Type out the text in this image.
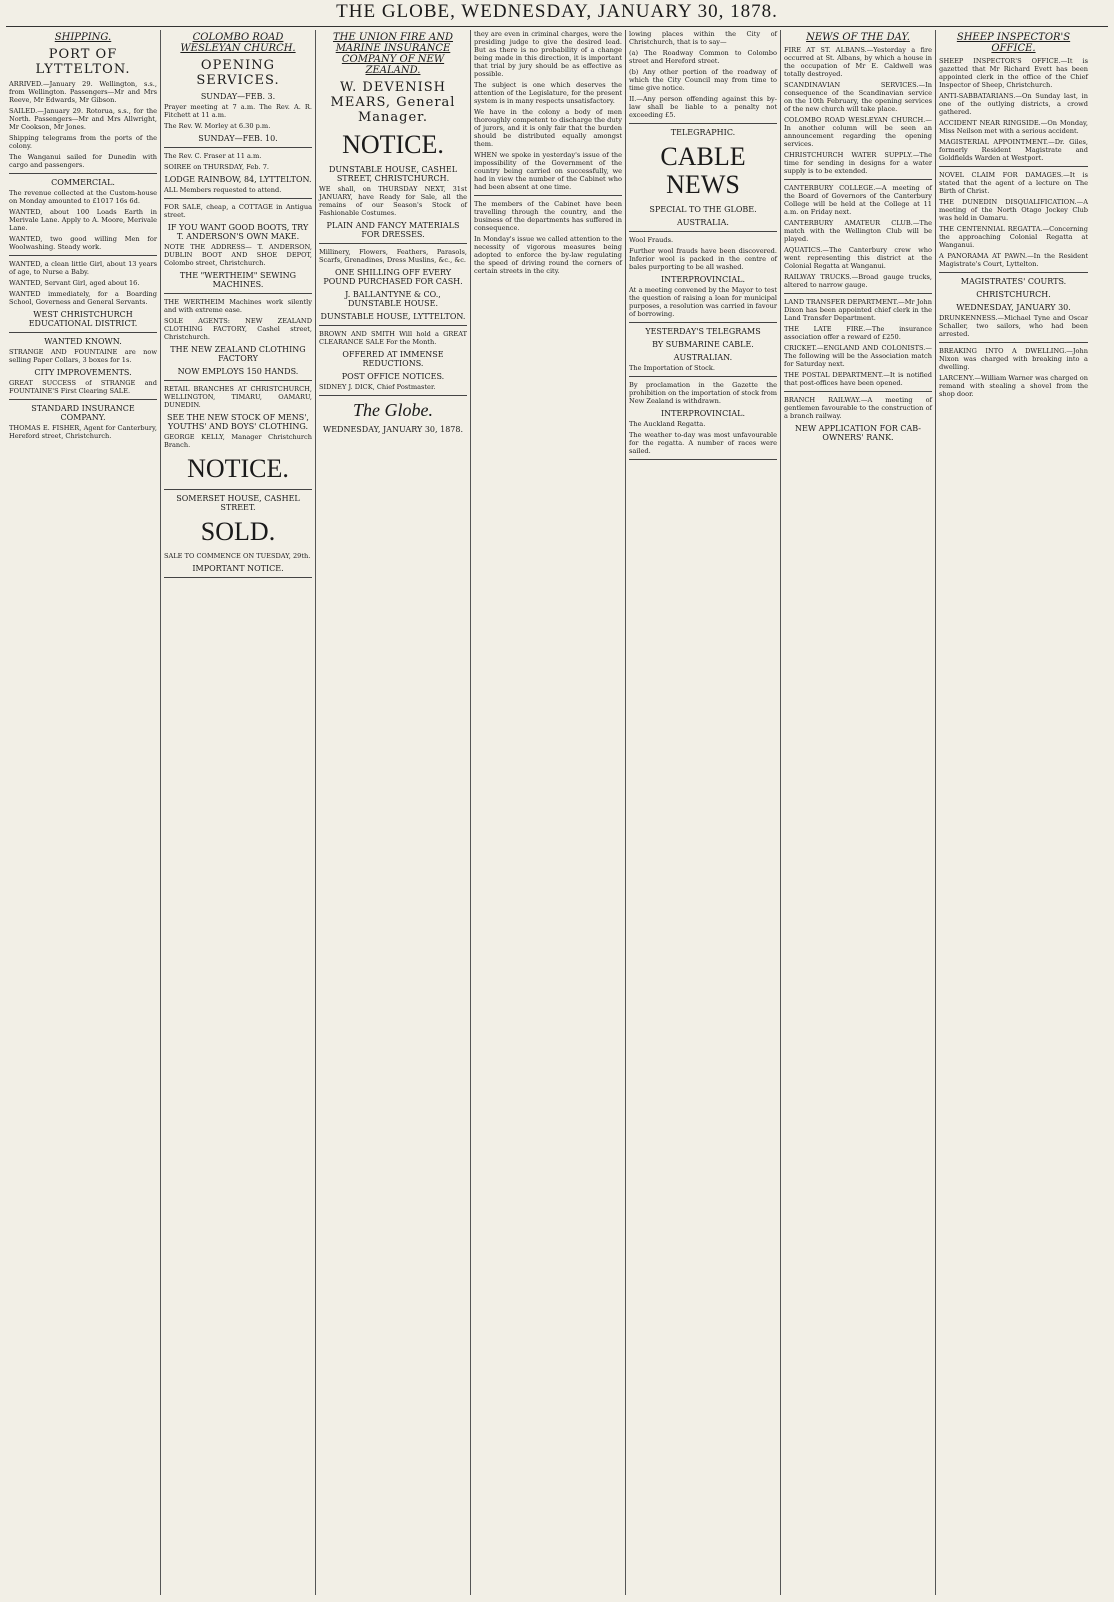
THE GLOBE, WEDNESDAY, JANUARY 30, 1878.
SHIPPING.
PORT OF LYTTELTON.

ARRIVED.—January 29. Wellington, s.s., from Wellington. Passengers—Mr and Mrs Reeve, Mr Edwards, Mr Gibson.

SAILED.—January 29. Rotorua, s.s., for the North. Passengers—Mr and Mrs Allwright, Mr Cookson, Mr Jones.

Shipping telegrams from the ports of the colony.

The Wanganui sailed for Dunedin with cargo and passengers.

COMMERCIAL.

The revenue collected at the Custom-house on Monday amounted to £1017 16s 6d.

WANTED, about 100 Loads Earth in Merivale Lane. Apply to A. Moore, Merivale Lane.

WANTED, two good willing Men for Woolwashing. Steady work.

WANTED, a clean little Girl, about 13 years of age, to Nurse a Baby.

WANTED, Servant Girl, aged about 16.

WANTED immediately, for a Boarding School, Governess and General Servants.

WEST CHRISTCHURCH EDUCATIONAL DISTRICT.
WANTED KNOWN.

STRANGE AND FOUNTAINE are now selling Paper Collars, 3 boxes for 1s.

CITY IMPROVEMENTS.

GREAT SUCCESS of STRANGE and FOUNTAINE'S First Clearing SALE.

STANDARD INSURANCE COMPANY.

THOMAS E. FISHER, Agent for Canterbury, Hereford street, Christchurch.

COLOMBO ROAD WESLEYAN CHURCH.
OPENING SERVICES.
SUNDAY—FEB. 3.

Prayer meeting at 7 a.m. The Rev. A. R. Fitchett at 11 a.m.

The Rev. W. Morley at 6.30 p.m.

SUNDAY—FEB. 10.

The Rev. C. Fraser at 11 a.m.

SOIREE on THURSDAY, Feb. 7.

LODGE RAINBOW, 84, LYTTELTON.

ALL Members requested to attend.

FOR SALE, cheap, a COTTAGE in Antigua street.

IF YOU WANT GOOD BOOTS, TRY T. ANDERSON'S OWN MAKE.

NOTE THE ADDRESS— T. ANDERSON, DUBLIN BOOT AND SHOE DEPOT, Colombo street, Christchurch.

THE "WERTHEIM" SEWING MACHINES.

THE WERTHEIM Machines work silently and with extreme ease.

SOLE AGENTS: NEW ZEALAND CLOTHING FACTORY, Cashel street, Christchurch.

THE NEW ZEALAND CLOTHING FACTORY
NOW EMPLOYS 150 HANDS.

RETAIL BRANCHES AT CHRISTCHURCH, WELLINGTON, TIMARU, OAMARU, DUNEDIN.

SEE THE NEW STOCK OF MENS', YOUTHS' AND BOYS' CLOTHING.

GEORGE KELLY, Manager Christchurch Branch.

NOTICE.
SOMERSET HOUSE, CASHEL STREET.
SOLD.

SALE TO COMMENCE ON TUESDAY, 29th.

IMPORTANT NOTICE.
THE UNION FIRE AND MARINE INSURANCE COMPANY OF NEW ZEALAND.
W. DEVENISH MEARS, General Manager.
NOTICE.
DUNSTABLE HOUSE, CASHEL STREET, CHRISTCHURCH.

WE shall, on THURSDAY NEXT, 31st JANUARY, have Ready for Sale, all the remains of our Season's Stock of Fashionable Costumes.

PLAIN AND FANCY MATERIALS FOR DRESSES.

Millinery, Flowers, Feathers, Parasols, Scarfs, Grenadines, Dress Muslins, &c., &c.

ONE SHILLING OFF EVERY POUND PURCHASED FOR CASH.
J. BALLANTYNE & CO., DUNSTABLE HOUSE.
DUNSTABLE HOUSE, LYTTELTON.

BROWN AND SMITH Will hold a GREAT CLEARANCE SALE For the Month.

OFFERED AT IMMENSE REDUCTIONS.
POST OFFICE NOTICES.

SIDNEY J. DICK, Chief Postmaster.

The Globe.
WEDNESDAY, JANUARY 30, 1878.

they are even in criminal charges, were the presiding judge to give the desired lead. But as there is no probability of a change being made in this direction, it is important that trial by jury should be as effective as possible.

The subject is one which deserves the attention of the Legislature, for the present system is in many respects unsatisfactory.

We have in the colony a body of men thoroughly competent to discharge the duty of jurors, and it is only fair that the burden should be distributed equally amongst them.

WHEN we spoke in yesterday's issue of the impossibility of the Government of the country being carried on successfully, we had in view the number of the Cabinet who had been absent at one time.

The members of the Cabinet have been travelling through the country, and the business of the departments has suffered in consequence.

In Monday's issue we called attention to the necessity of vigorous measures being adopted to enforce the by-law regulating the speed of driving round the corners of certain streets in the city.

lowing places within the City of Christchurch, that is to say—

(a) The Roadway Common to Colombo street and Hereford street.

(b) Any other portion of the roadway of which the City Council may from time to time give notice.

II.—Any person offending against this by-law shall be liable to a penalty not exceeding £5.

TELEGRAPHIC.
CABLE NEWS
SPECIAL TO THE GLOBE.
AUSTRALIA.

Wool Frauds.

Further wool frauds have been discovered. Inferior wool is packed in the centre of bales purporting to be all washed.

INTERPROVINCIAL.

At a meeting convened by the Mayor to test the question of raising a loan for municipal purposes, a resolution was carried in favour of borrowing.

YESTERDAY'S TELEGRAMS
BY SUBMARINE CABLE.
AUSTRALIAN.

The Importation of Stock.

By proclamation in the Gazette the prohibition on the importation of stock from New Zealand is withdrawn.

INTERPROVINCIAL.

The Auckland Regatta.

The weather to-day was most unfavourable for the regatta. A number of races were sailed.

NEWS OF THE DAY.

FIRE AT ST. ALBANS.—Yesterday a fire occurred at St. Albans, by which a house in the occupation of Mr E. Caldwell was totally destroyed.

SCANDINAVIAN SERVICES.—In consequence of the Scandinavian service on the 10th February, the opening services of the new church will take place.

COLOMBO ROAD WESLEYAN CHURCH.—In another column will be seen an announcement regarding the opening services.

CHRISTCHURCH WATER SUPPLY.—The time for sending in designs for a water supply is to be extended.

CANTERBURY COLLEGE.—A meeting of the Board of Governors of the Canterbury College will be held at the College at 11 a.m. on Friday next.

CANTERBURY AMATEUR CLUB.—The match with the Wellington Club will be played.

AQUATICS.—The Canterbury crew who went representing this district at the Colonial Regatta at Wanganui.

RAILWAY TRUCKS.—Broad gauge trucks, altered to narrow gauge.

LAND TRANSFER DEPARTMENT.—Mr John Dixon has been appointed chief clerk in the Land Transfer Department.

THE LATE FIRE.—The insurance association offer a reward of £250.

CRICKET.—ENGLAND AND COLONISTS.—The following will be the Association match for Saturday next.

THE POSTAL DEPARTMENT.—It is notified that post-offices have been opened.

BRANCH RAILWAY.—A meeting of gentlemen favourable to the construction of a branch railway.

NEW APPLICATION FOR CAB-OWNERS' RANK.
SHEEP INSPECTOR'S OFFICE.

SHEEP INSPECTOR'S OFFICE.—It is gazetted that Mr Richard Evett has been appointed clerk in the office of the Chief Inspector of Sheep, Christchurch.

ANTI-SABBATARIANS.—On Sunday last, in one of the outlying districts, a crowd gathered.

ACCIDENT NEAR RINGSIDE.—On Monday, Miss Neilson met with a serious accident.

MAGISTERIAL APPOINTMENT.—Dr. Giles, formerly Resident Magistrate and Goldfields Warden at Westport.

NOVEL CLAIM FOR DAMAGES.—It is stated that the agent of a lecture on The Birth of Christ.

THE DUNEDIN DISQUALIFICATION.—A meeting of the North Otago Jockey Club was held in Oamaru.

THE CENTENNIAL REGATTA.—Concerning the approaching Colonial Regatta at Wanganui.

A PANORAMA AT PAWN.—In the Resident Magistrate's Court, Lyttelton.

MAGISTRATES' COURTS.
CHRISTCHURCH.
WEDNESDAY, JANUARY 30.

DRUNKENNESS.—Michael Tyne and Oscar Schaller, two sailors, who had been arrested.

BREAKING INTO A DWELLING.—John Nixon was charged with breaking into a dwelling.

LARCENY.—William Warner was charged on remand with stealing a shovel from the shop door.
